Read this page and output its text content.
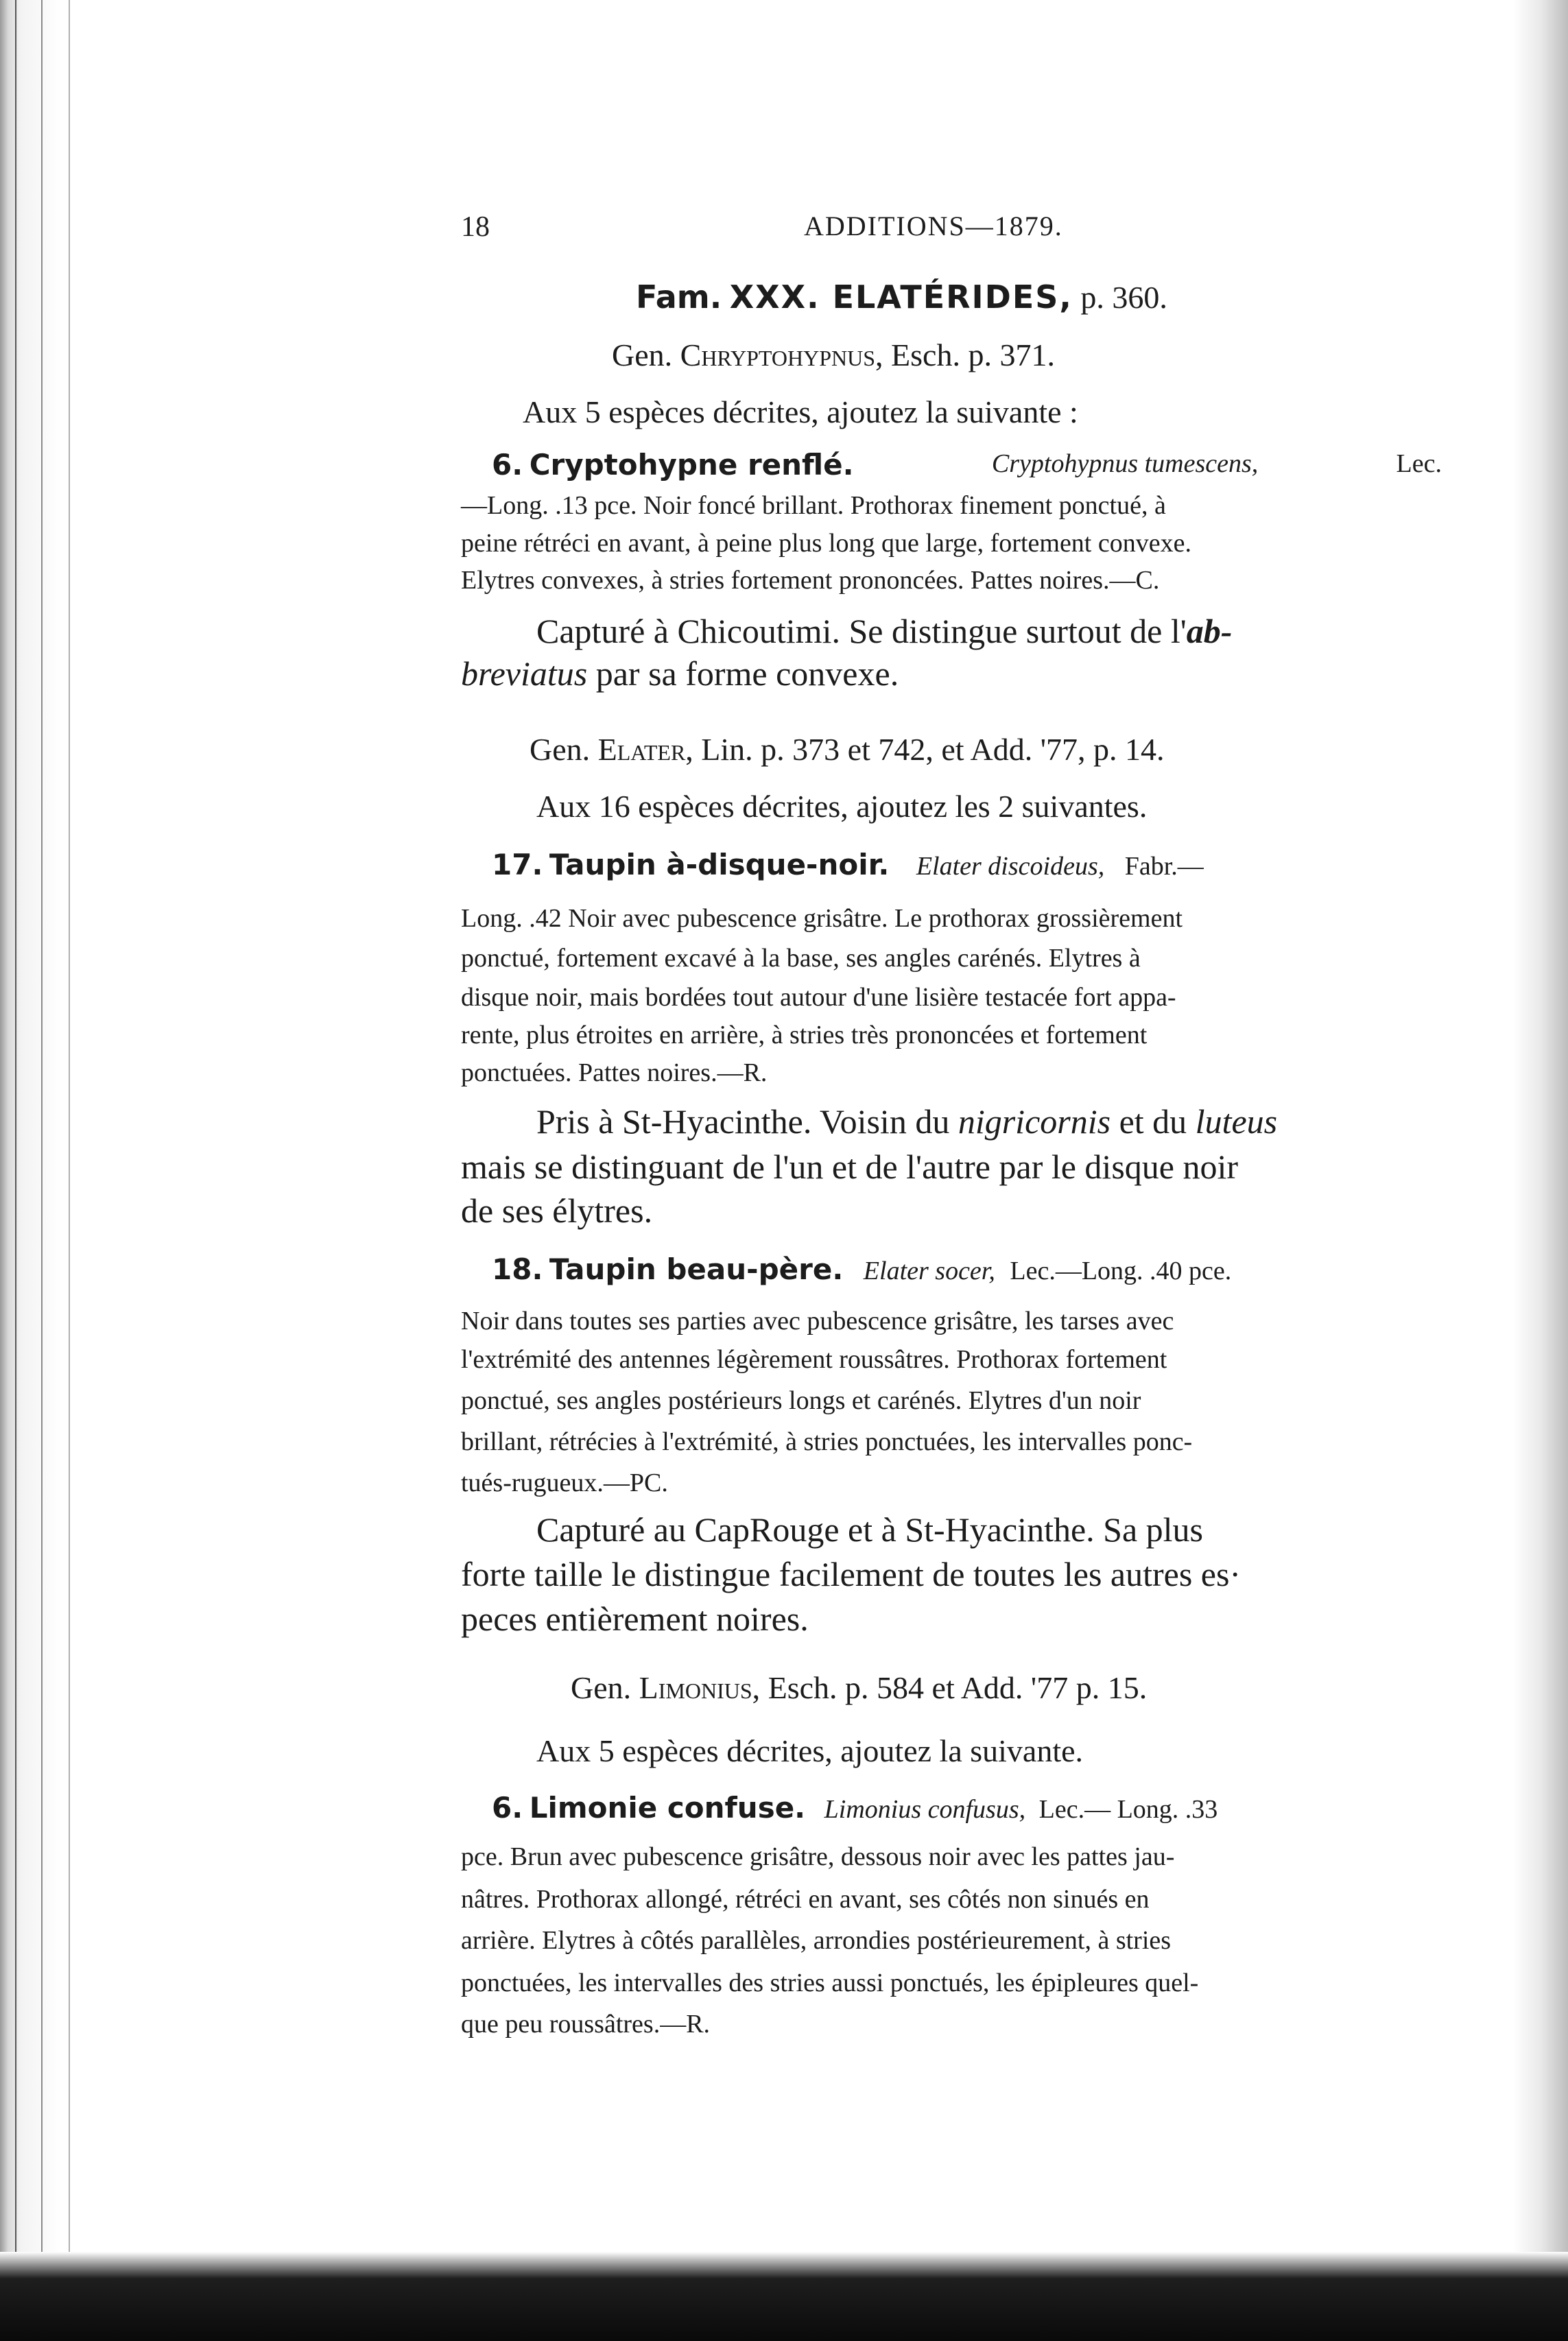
18	ADDITIONS—1879.
Fam. XXX. ELATÉRIDES, p. 360.
Gen. Chryptohypnus, Esch. p. 371.
Aux 5 espèces décrites, ajoutez la suivante :
6. Cryptohypne renflé.	Cryptohypnus tumescens,	Lec.
—Long. .13 pce. Noir foncé brillant. Prothorax finement ponctué, à
peine rétréci en avant, à peine plus long que large, fortement convexe.
Elytres convexes, à stries fortement prononcées. Pattes noires.—C.
Capturé à Chicoutimi. Se distingue surtout de l'ab-
breviatus par sa forme convexe.
Gen. Elater, Lin. p. 373 et 742, et Add. '77, p. 14.
Aux 16 espèces décrites, ajoutez les 2 suivantes.
17. Taupin à-disque-noir. Elater discoideus, Fabr.—
Long. .42 Noir avec pubescence grisâtre. Le prothorax grossièrement
ponctué, fortement excavé à la base, ses angles carénés. Elytres à
disque noir, mais bordées tout autour d'une lisière testacée fort appa-
rente, plus étroites en arrière, à stries très prononcées et fortement
ponctuées. Pattes noires.—R.
Pris à St-Hyacinthe. Voisin du nigricornis et du luteus
mais se distinguant de l'un et de l'autre par le disque noir
de ses élytres.
18. Taupin beau-père. Elater socer, Lec.—Long. .40 pce.
Noir dans toutes ses parties avec pubescence grisâtre, les tarses avec
l'extrémité des antennes légèrement roussâtres. Prothorax fortement
ponctué, ses angles postérieurs longs et carénés. Elytres d'un noir
brillant, rétrécies à l'extrémité, à stries ponctuées, les intervalles ponc-
tués-rugueux.—PC.
Capturé au CapRouge et à St-Hyacinthe. Sa plus
forte taille le distingue facilement de toutes les autres es·
peces entièrement noires.
Gen. Limonius, Esch. p. 584 et Add. '77 p. 15.
Aux 5 espèces décrites, ajoutez la suivante.
6. Limonie confuse. Limonius confusus, Lec.— Long. .33
pce. Brun avec pubescence grisâtre, dessous noir avec les pattes jau-
nâtres. Prothorax allongé, rétréci en avant, ses côtés non sinués en
arrière. Elytres à côtés parallèles, arrondies postérieurement, à stries
ponctuées, les intervalles des stries aussi ponctués, les épipleures quel-
que peu roussâtres.—R.
